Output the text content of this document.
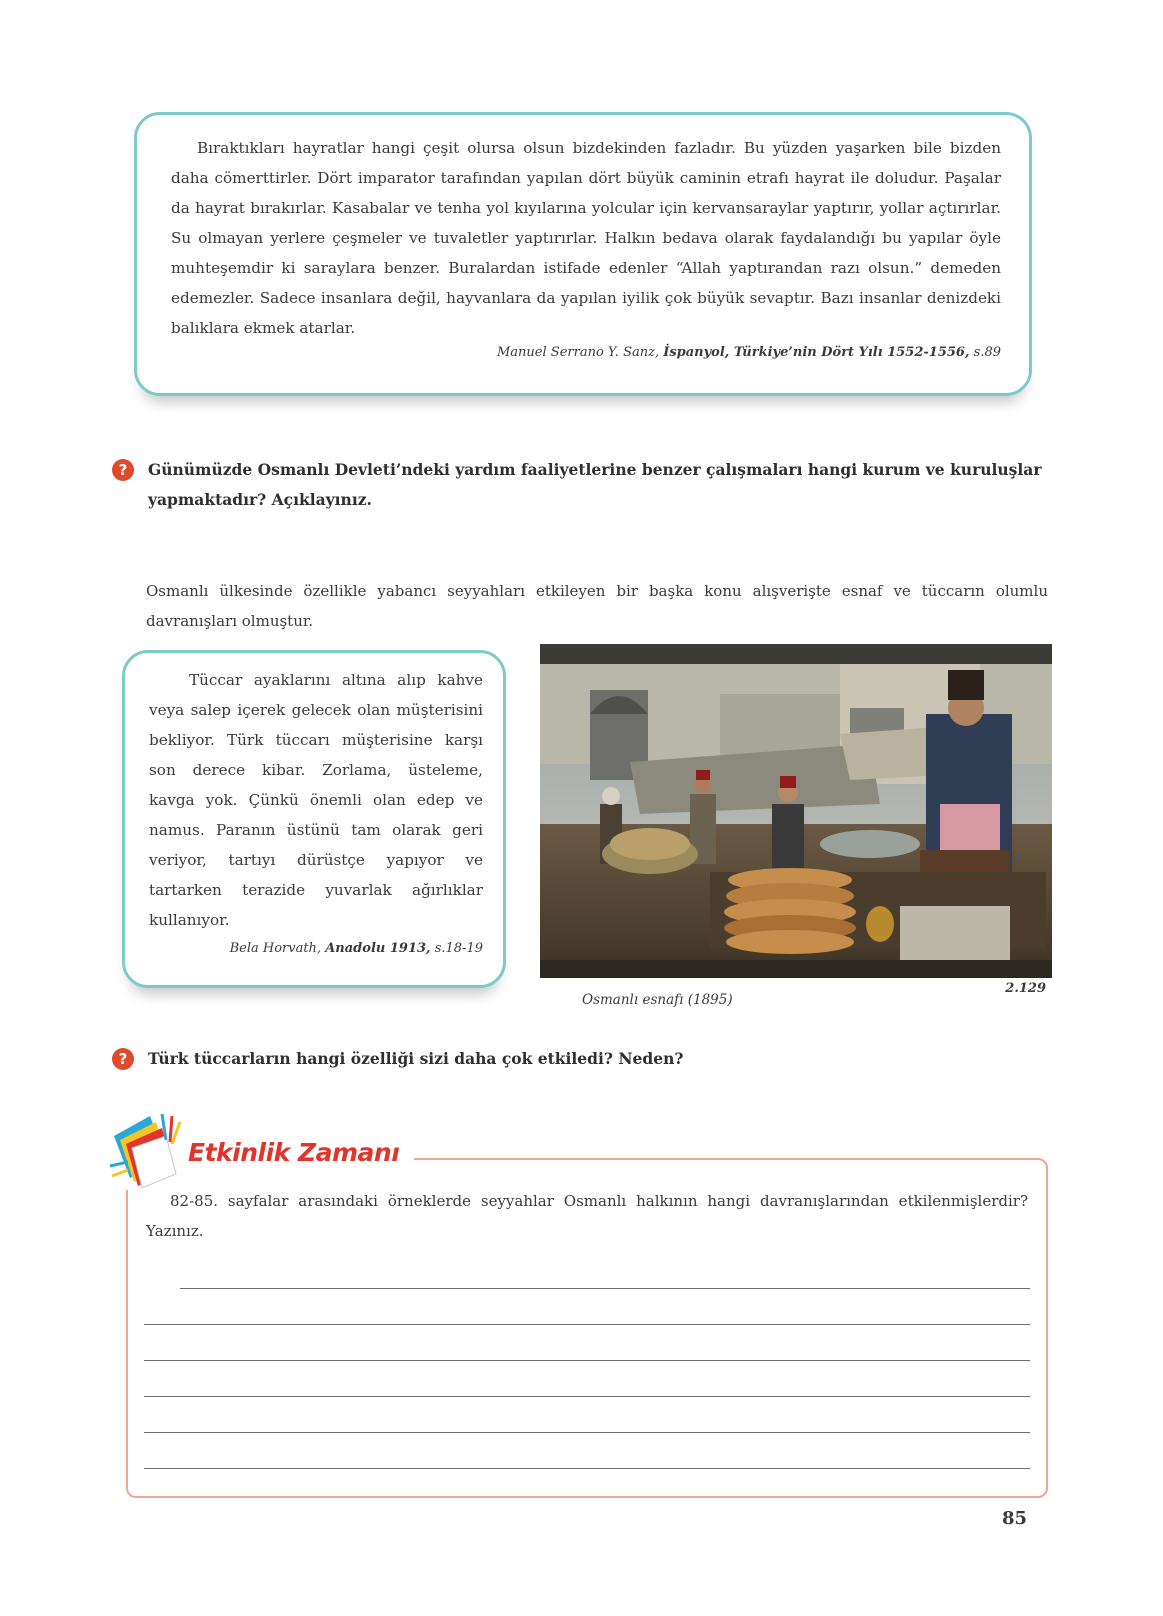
Bıraktıkları hayratlar hangi çeşit olursa olsun bizdekinden fazladır. Bu yüzden yaşarken bile bizden daha cömerttirler. Dört imparator tarafından yapılan dört büyük caminin etrafı hayrat ile doludur. Paşalar da hayrat bırakırlar. Kasabalar ve tenha yol kıyılarına yolcular için kervansaraylar yaptırır, yollar açtırırlar. Su olmayan yerlere çeşmeler ve tuvaletler yaptırırlar. Halkın bedava olarak faydalandığı bu yapılar öyle muhteşemdir ki saraylara benzer. Buralardan istifade edenler “Allah yaptırandan razı olsun.” demeden edemezler. Sadece insanlara değil, hayvanlara da yapılan iyilik çok büyük sevaptır. Bazı insanlar denizdeki balıklara ekmek atarlar.

Manuel Serrano Y. Sanz, İspanyol, Türkiye’nin Dört Yılı 1552-1556, s.89
?	Günümüzde Osmanlı Devleti’ndeki yardım faaliyetlerine benzer çalışmaları hangi kurum ve kuruluşlar yapmaktadır? Açıklayınız.

Osmanlı ülkesinde özellikle yabancı seyyahları etkileyen bir başka konu alışverişte esnaf ve tüccarın olumlu davranışları olmuştur.

Tüccar ayaklarını altına alıp kahve veya salep içerek gelecek olan müşterisini bekliyor. Türk tüccarı müşterisine karşı son derece kibar. Zorlama, üsteleme, kavga yok. Çünkü önemli olan edep ve namus. Paranın üstünü tam olarak geri veriyor, tartıyı dürüstçe yapıyor ve tartarken terazide yuvarlak ağırlıklar kullanıyor.

Bela Horvath, Anadolu 1913, s.18-19
2.129
Osmanlı esnafı (1895)
?	Türk tüccarların hangi özelliği sizi daha çok etkiledi? Neden?
Etkinlik Zamanı

82-85. sayfalar arasındaki örneklerde seyyahlar Osmanlı halkının hangi davranışlarından etkilenmişlerdir? Yazınız.

85
